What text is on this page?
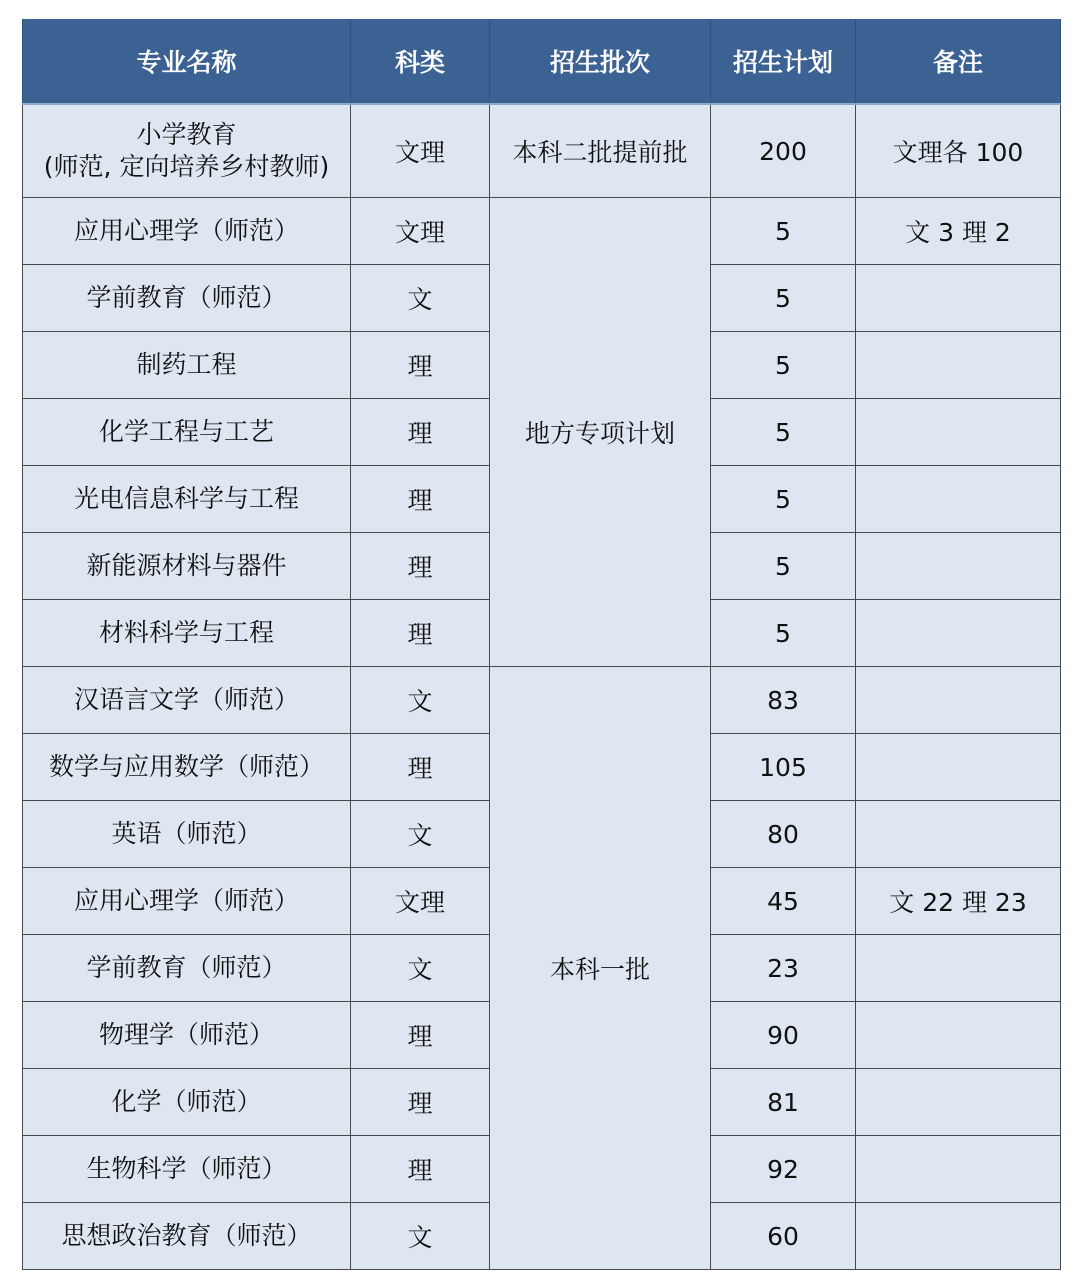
专业名称	科类	招生批次	招生计划	备注

小学教育
(师范, 定向培养乡村教师)	文理	本科二批提前批	200	文理各 100

应用心理学（师范）	文理	地方专项计划	5	文 3 理 2

学前教育（师范）	文		5	

制药工程	理		5	

化学工程与工艺	理		5	

光电信息科学与工程	理		5	

新能源材料与器件	理		5	

材料科学与工程	理		5	

汉语言文学（师范）	文	本科一批	83	

数学与应用数学（师范）	理		105	

英语（师范）	文		80	

应用心理学（师范）	文理		45	文 22 理 23

学前教育（师范）	文		23	

物理学（师范）	理		90	

化学（师范）	理		81	

生物科学（师范）	理		92	

思想政治教育（师范）	文		60	
